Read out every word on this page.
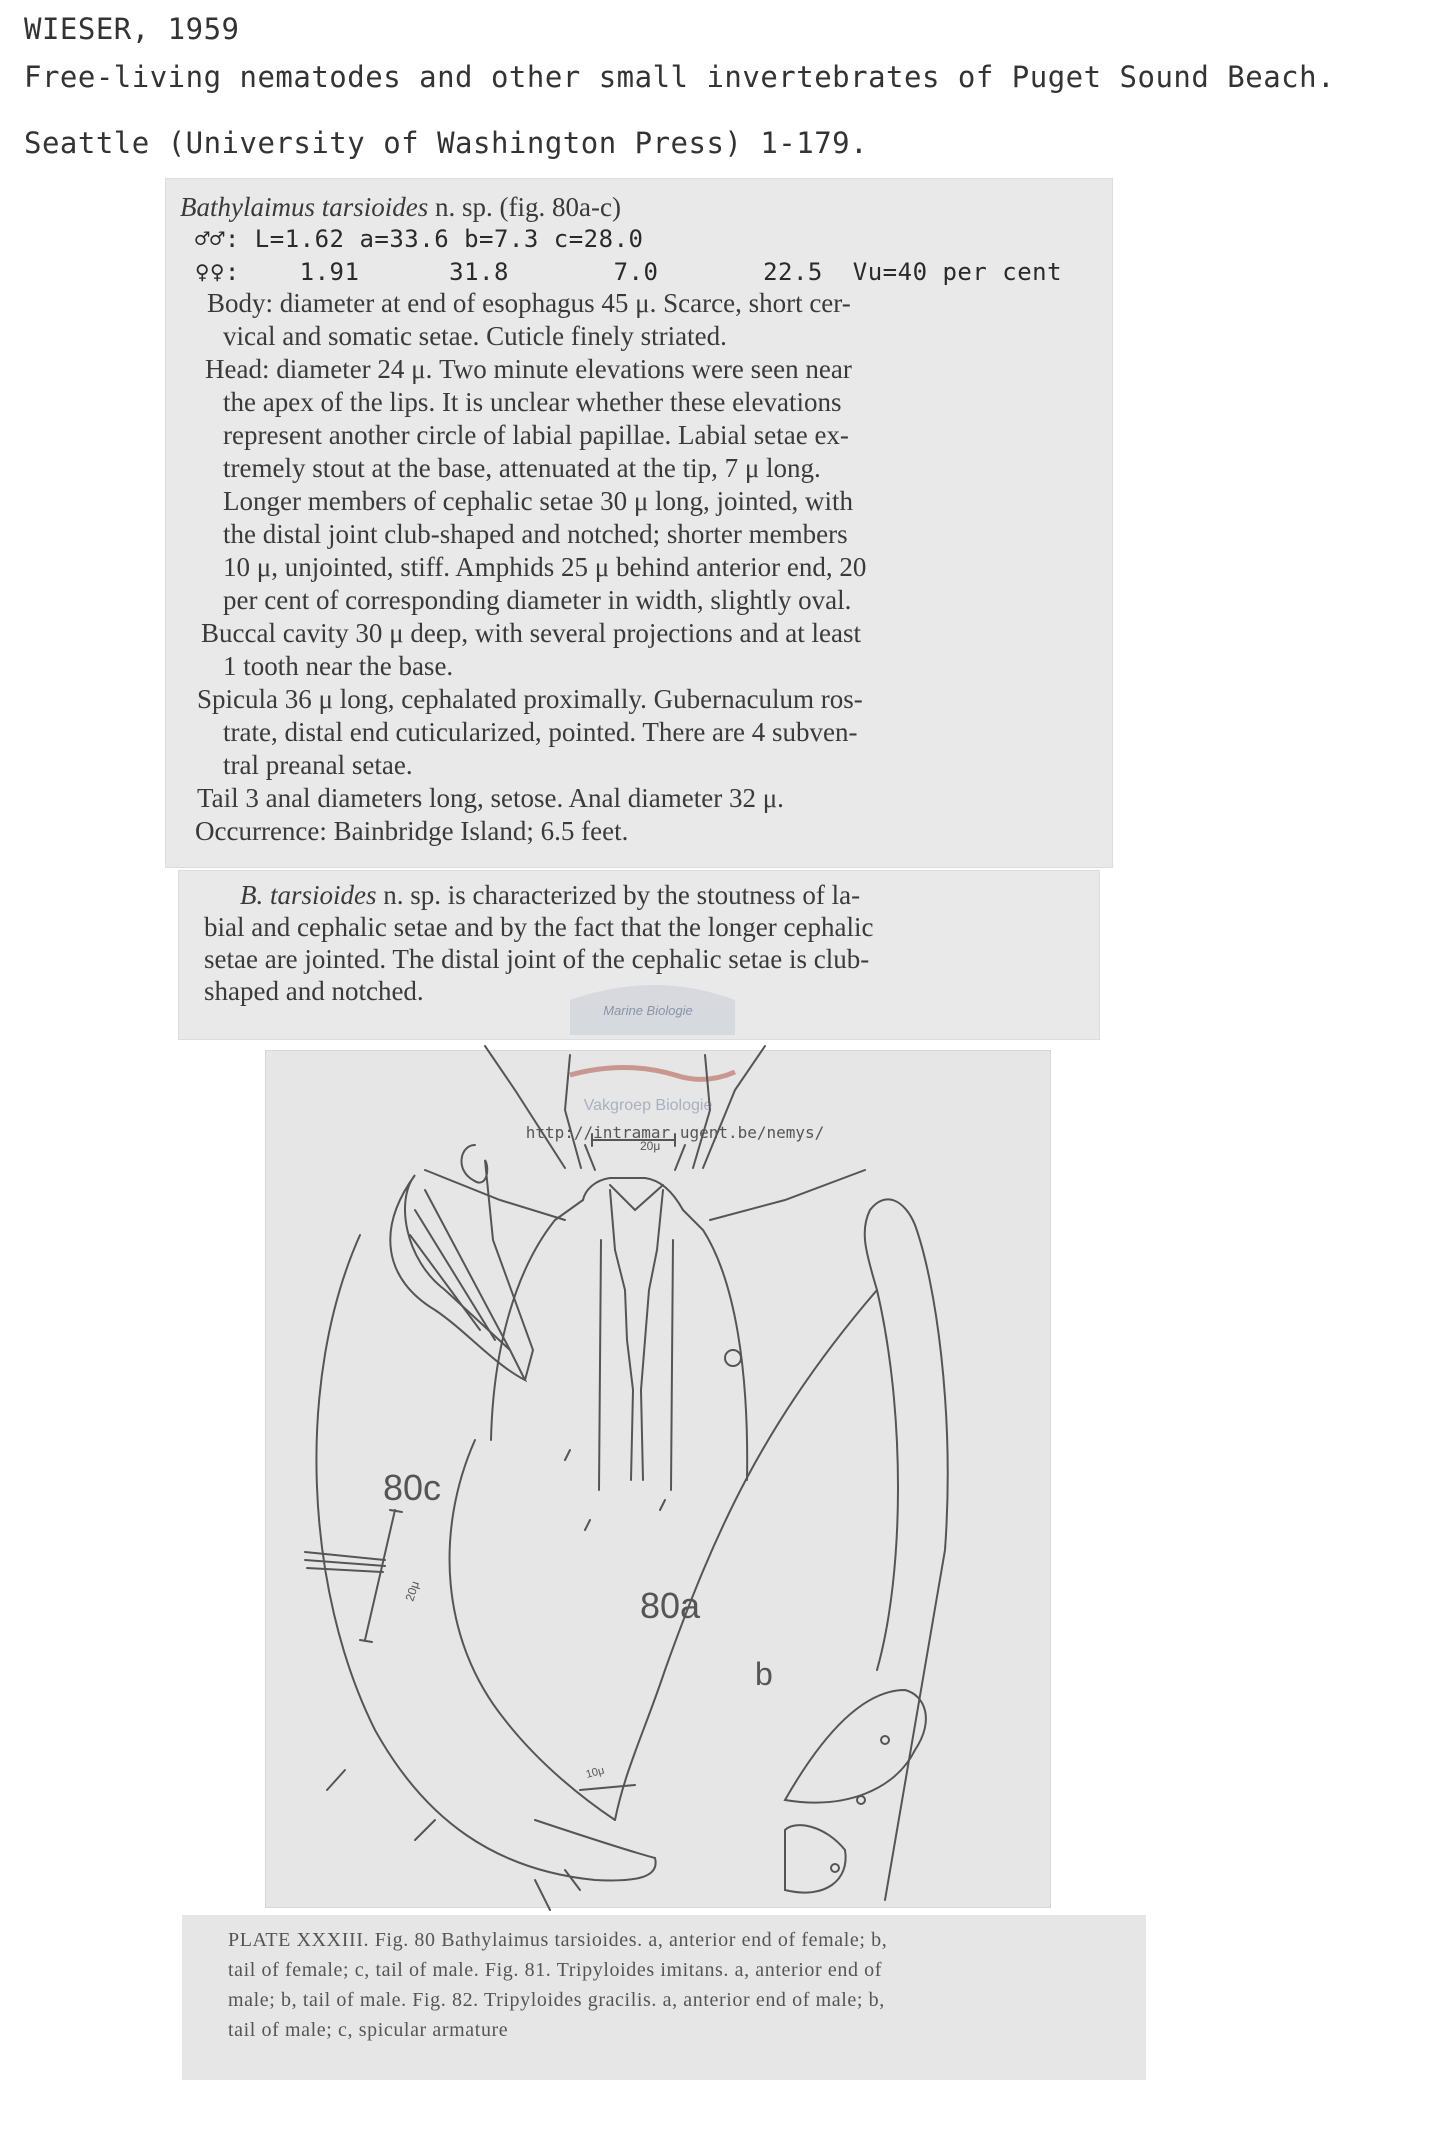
WIESER, 1959
Free-living nematodes and other small invertebrates of Puget Sound Beach.
Seattle (University of Washington Press) 1-179.
Bathylaimus tarsioides n. sp. (fig. 80a-c)
♂♂: L=1.62 a=33.6 b=7.3 c=28.0
♀♀:    1.91      31.8       7.0       22.5  Vu=40 per cent
Body: diameter at end of esophagus 45 μ. Scarce, short cer-
vical and somatic setae. Cuticle finely striated.
Head: diameter 24 μ. Two minute elevations were seen near
the apex of the lips. It is unclear whether these elevations
represent another circle of labial papillae. Labial setae ex-
tremely stout at the base, attenuated at the tip, 7 μ long.
Longer members of cephalic setae 30 μ long, jointed, with
the distal joint club-shaped and notched; shorter members
10 μ, unjointed, stiff. Amphids 25 μ behind anterior end, 20
per cent of corresponding diameter in width, slightly oval.
Buccal cavity 30 μ deep, with several projections and at least
1 tooth near the base.
Spicula 36 μ long, cephalated proximally. Gubernaculum ros-
trate, distal end cuticularized, pointed. There are 4 subven-
tral preanal setae.
Tail 3 anal diameters long, setose. Anal diameter 32 μ.
Occurrence: Bainbridge Island; 6.5 feet.
B. tarsioides n. sp. is characterized by the stoutness of la-
bial and cephalic setae and by the fact that the longer cephalic
setae are jointed. The distal joint of the cephalic setae is club-
shaped and notched.
Marine Biologie
Vakgroep Biologie
http://intramar.ugent.be/nemys/
80c
80a
b
20μ
20μ
10μ
PLATE XXXIII. Fig. 80 Bathylaimus tarsioides. a, anterior end of female; b,
tail of female; c, tail of male. Fig. 81. Tripyloides imitans. a, anterior end of
male; b, tail of male. Fig. 82. Tripyloides gracilis. a, anterior end of male; b,
tail of male; c, spicular armature
